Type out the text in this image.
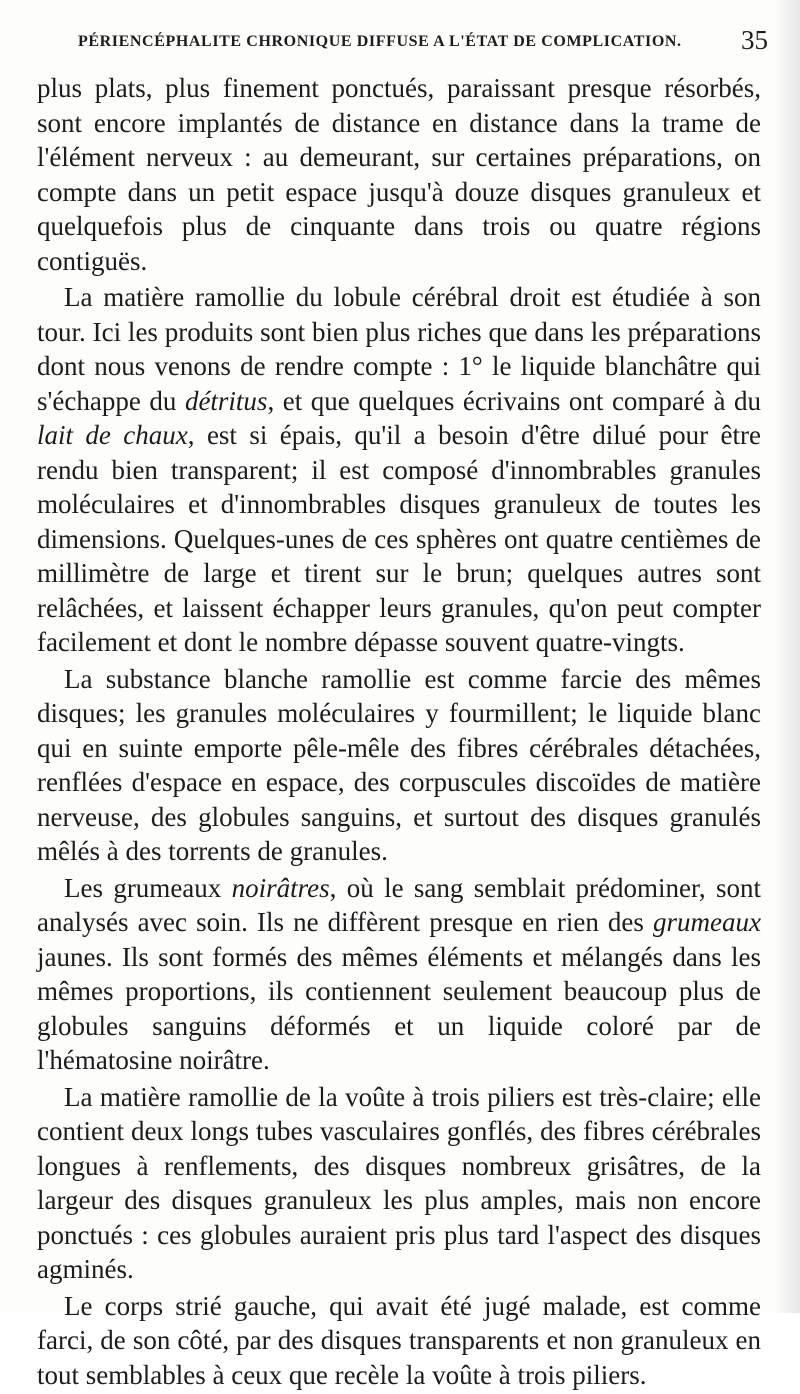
PÉRIENCÉPHALITE CHRONIQUE DIFFUSE A L'ÉTAT DE COMPLICATION. 35

plus plats, plus finement ponctués, paraissant presque résorbés, sont encore implantés de distance en distance dans la trame de l'élément nerveux : au demeurant, sur certaines préparations, on compte dans un petit espace jusqu'à douze disques granuleux et quelquefois plus de cinquante dans trois ou quatre régions contiguës.

La matière ramollie du lobule cérébral droit est étudiée à son tour. Ici les produits sont bien plus riches que dans les préparations dont nous venons de rendre compte : 1° le liquide blanchâtre qui s'échappe du détritus, et que quelques écrivains ont comparé à du lait de chaux, est si épais, qu'il a besoin d'être dilué pour être rendu bien transparent; il est composé d'innombrables granules moléculaires et d'innombrables disques granuleux de toutes les dimensions. Quelques-unes de ces sphères ont quatre centièmes de millimètre de large et tirent sur le brun; quelques autres sont relâchées, et laissent échapper leurs granules, qu'on peut compter facilement et dont le nombre dépasse souvent quatre-vingts.

La substance blanche ramollie est comme farcie des mêmes disques; les granules moléculaires y fourmillent; le liquide blanc qui en suinte emporte pêle-mêle des fibres cérébrales détachées, renflées d'espace en espace, des corpuscules discoïdes de matière nerveuse, des globules sanguins, et surtout des disques granulés mêlés à des torrents de granules.

Les grumeaux noirâtres, où le sang semblait prédominer, sont analysés avec soin. Ils ne diffèrent presque en rien des grumeaux jaunes. Ils sont formés des mêmes éléments et mélangés dans les mêmes proportions, ils contiennent seulement beaucoup plus de globules sanguins déformés et un liquide coloré par de l'hématosine noirâtre.

La matière ramollie de la voûte à trois piliers est très-claire; elle contient deux longs tubes vasculaires gonflés, des fibres cérébrales longues à renflements, des disques nombreux grisâtres, de la largeur des disques granuleux les plus amples, mais non encore ponctués : ces globules auraient pris plus tard l'aspect des disques agminés.

Le corps strié gauche, qui avait été jugé malade, est comme farci, de son côté, par des disques transparents et non granuleux en tout semblables à ceux que recèle la voûte à trois piliers.
